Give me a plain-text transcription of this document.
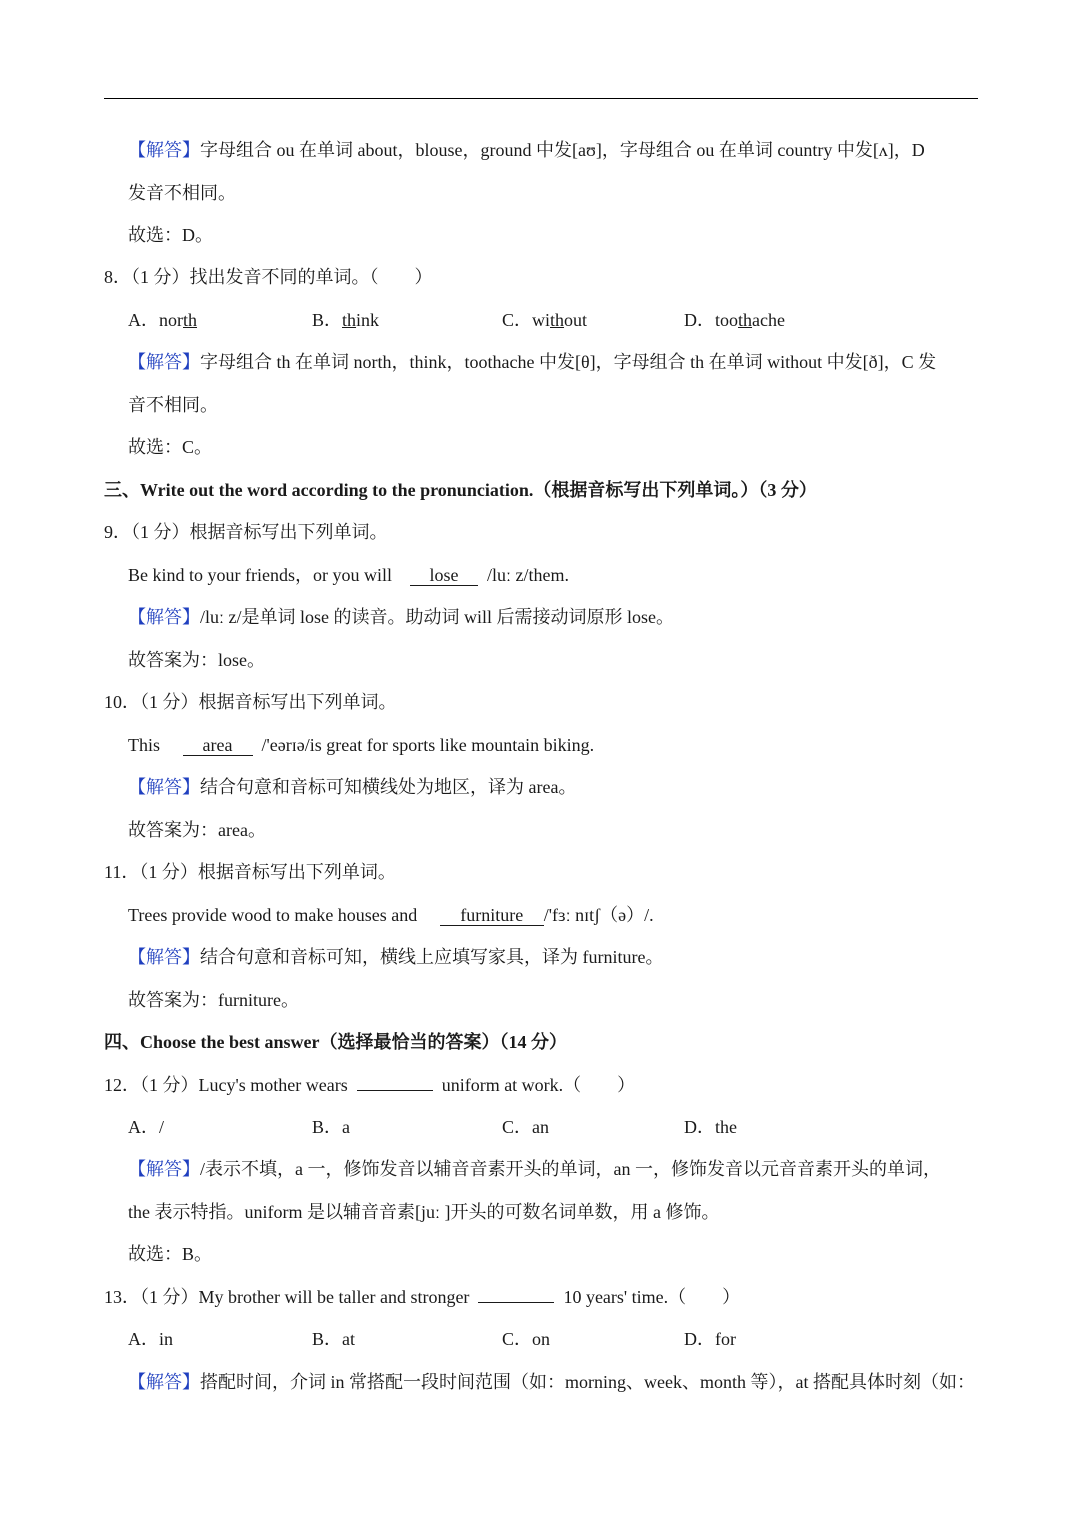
【解答】字母组合 ou 在单词 about，blouse，ground 中发[aʊ]，字母组合 ou 在单词 country 中发[ʌ]，D
发音不相同。
故选：D。
8．（1 分）找出发音不同的单词。（　　）
A．north	B．think	C．without	D．toothache
【解答】字母组合 th 在单词 north，think，toothache 中发[θ]，字母组合 th 在单词 without 中发[ð]，C 发
音不相同。
故选：C。
三、Write out the word according to the pronunciation.（根据音标写出下列单词。）（3 分）
9．（1 分）根据音标写出下列单词。
Be kind to your friends，or you will lose /luː z/them.
【解答】/luː z/是单词 lose 的读音。助动词 will 后需接动词原形 lose。
故答案为：lose。
10．（1 分）根据音标写出下列单词。
This area /'eərɪə/is great for sports like mountain biking.
【解答】结合句意和音标可知横线处为地区，译为 area。
故答案为：area。
11．（1 分）根据音标写出下列单词。
Trees provide wood to make houses and furniture /'fɜː nɪtʃ（ə）/.
【解答】结合句意和音标可知，横线上应填写家具，译为 furniture。
故答案为：furniture。
四、Choose the best answer（选择最恰当的答案）（14 分）
12．（1 分）Lucy's mother wears	uniform at work.（　　）
A．/	B．a	C．an	D．the
【解答】/表示不填，a 一，修饰发音以辅音音素开头的单词，an 一，修饰发音以元音音素开头的单词，
the 表示特指。uniform 是以辅音音素[juː ]开头的可数名词单数，用 a 修饰。
故选：B。
13．（1 分）My brother will be taller and stronger	10 years' time.（　　）
A．in	B．at	C．on	D．for
【解答】搭配时间，介词 in 常搭配一段时间范围（如：morning、week、month 等），at 搭配具体时刻（如：
